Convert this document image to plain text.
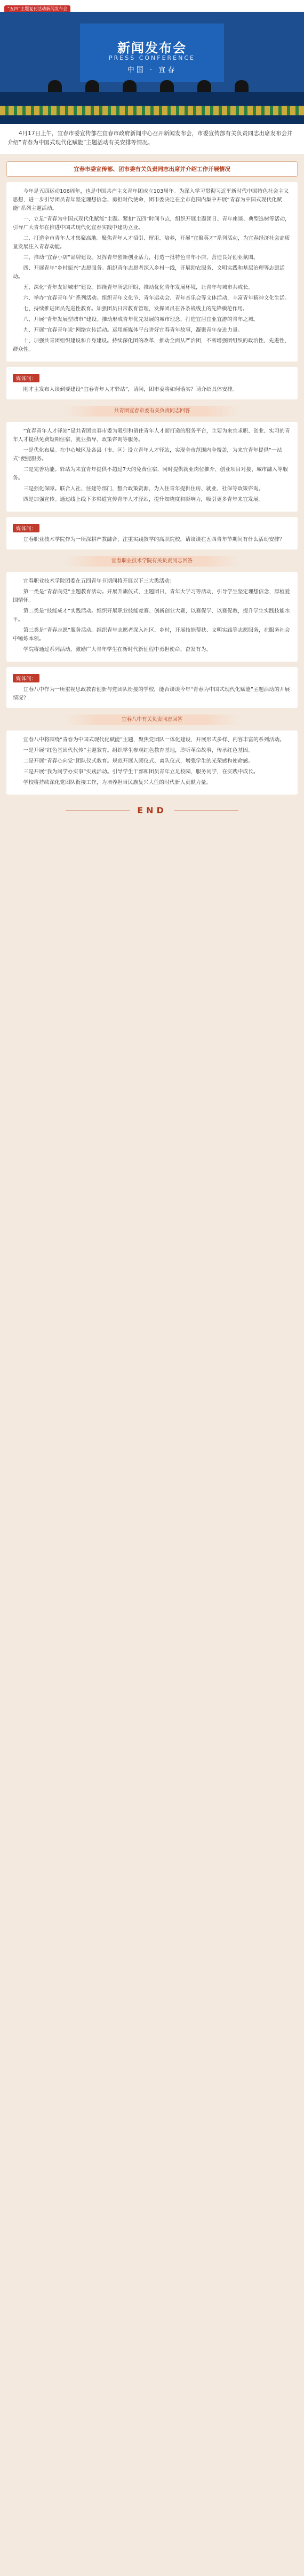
“五四”主题复刊活动新闻发布会
新闻发布会
PRESS CONFERENCE
中国 · 宜春
4月17日上午，宜春市委宣传部在宜春市政府新闻中心召开新闻发布会，市委宣传部有关负责同志出席发布会并介绍“青春为中国式现代化赋能”主题活动有关安排等情况。
宜春市委宣传部、团市委有关负责同志出席并介绍工作开展情况

今年是五四运动106周年，也是中国共产主义青年团成立103周年。为深入学习贯彻习近平新时代中国特色社会主义思想，进一步引导团员青年坚定理想信念、勇担时代使命，团市委决定在全市范围内集中开展“青春为中国式现代化赋能”系列主题活动。

一、立足“青春为中国式现代化赋能”主题。紧扣“五四”时间节点，组织开展主题团日、青年座谈、典型选树等活动，引导广大青年在推进中国式现代化宜春实践中建功立业。

二、打造全市青年人才集聚高地。聚焦青年人才招引、留用、培养，开展“宜聚英才”系列活动，为宜春经济社会高质量发展注入青春动能。

三、推动“宜春小店”品牌建设。发挥青年创新创业活力，打造一批特色青年小店，营造良好创业氛围。

四、开展青年“乡村振兴”志愿服务。组织青年志愿者深入乡村一线，开展助农服务、文明实践和基层治理等志愿活动。

五、深化“青年友好城市”建设。围绕青年所思所盼，推动优化青年发展环境，让青年与城市共成长。

六、举办“宜春青年节”系列活动。组织青年文化节、青年运动会、青年音乐会等文体活动，丰富青年精神文化生活。

七、持续推进团员先进性教育。加强团员日常教育管理，发挥团员在各条战线上的先锋模范作用。

八、开展“青年发展型城市”建设。推动形成青年优先发展的城市理念，打造宜居宜业宜游的青年之城。

九、开展“宜春青年说”网络宣传活动。运用新媒体平台讲好宜春青年故事，凝聚青年奋进力量。

十、加强共青团组织建设和自身建设。持续深化团的改革，推动全面从严治团，不断增强团组织的政治性、先进性、群众性。

媒体问：

刚才主发布人谈到要建设“宜春青年人才驿站”，请问，团市委将如何落实？请介绍具体安排。

共青团宜春市委有关负责同志回答

“宜春青年人才驿站”是共青团宜春市委为吸引和留住青年人才而打造的服务平台，主要为来宜求职、创业、实习的青年人才提供免费短期住宿、就业指导、政策咨询等服务。

一是优化布局。在中心城区及各县（市、区）设立青年人才驿站，实现全市范围内全覆盖，为来宜青年提供“一站式”便捷服务。

二是完善功能。驿站为来宜青年提供不超过7天的免费住宿，同时提供就业岗位推介、创业项目对接、城市融入等服务。

三是强化保障。联合人社、住建等部门，整合政策资源，为入住青年提供住房、就业、社保等政策咨询。

四是加强宣传。通过线上线下多渠道宣传青年人才驿站，提升知晓度和影响力，吸引更多青年来宜发展。

媒体问：

宜春职业技术学院作为一所深耕产教融合、注重实践教学的高职院校，请谈谈在五四青年节期间有什么活动安排？

宜春职业技术学院有关负责同志回答

宜春职业技术学院团委在五四青年节期间将开展以下三大类活动：

第一类是“青春向党”主题教育活动。开展升旗仪式、主题团日、青年大学习等活动，引导学生坚定理想信念，厚植爱国情怀。

第二类是“技能成才”实践活动。组织开展职业技能竞赛、创新创业大赛，以赛促学、以赛促教，提升学生实践技能水平。

第三类是“青春志愿”服务活动。组织青年志愿者深入社区、乡村，开展技能帮扶、文明实践等志愿服务，在服务社会中锤炼本领。

学院将通过系列活动，激励广大青年学生在新时代新征程中勇担使命、奋发有为。

媒体问：

宜春八中作为一所重视思政教育创新与党团队衔接的学校，能否谈谈今年“青春为中国式现代化赋能”主题活动的开展情况？

宜春八中有关负责同志回答

宜春八中将围绕“青春为中国式现代化赋能”主题，聚焦党团队一体化建设，开展形式多样、内容丰富的系列活动。

一是开展“红色基因代代传”主题教育。组织学生参观红色教育基地，聆听革命故事，传承红色基因。

二是开展“青春心向党”团队仪式教育。规范开展入团仪式、离队仪式，增强学生的光荣感和使命感。

三是开展“我为同学办实事”实践活动。引导学生干部和团员青年立足校园，服务同学，在实践中成长。

学校将持续深化党团队衔接工作，为培养担当民族复兴大任的时代新人贡献力量。

END
